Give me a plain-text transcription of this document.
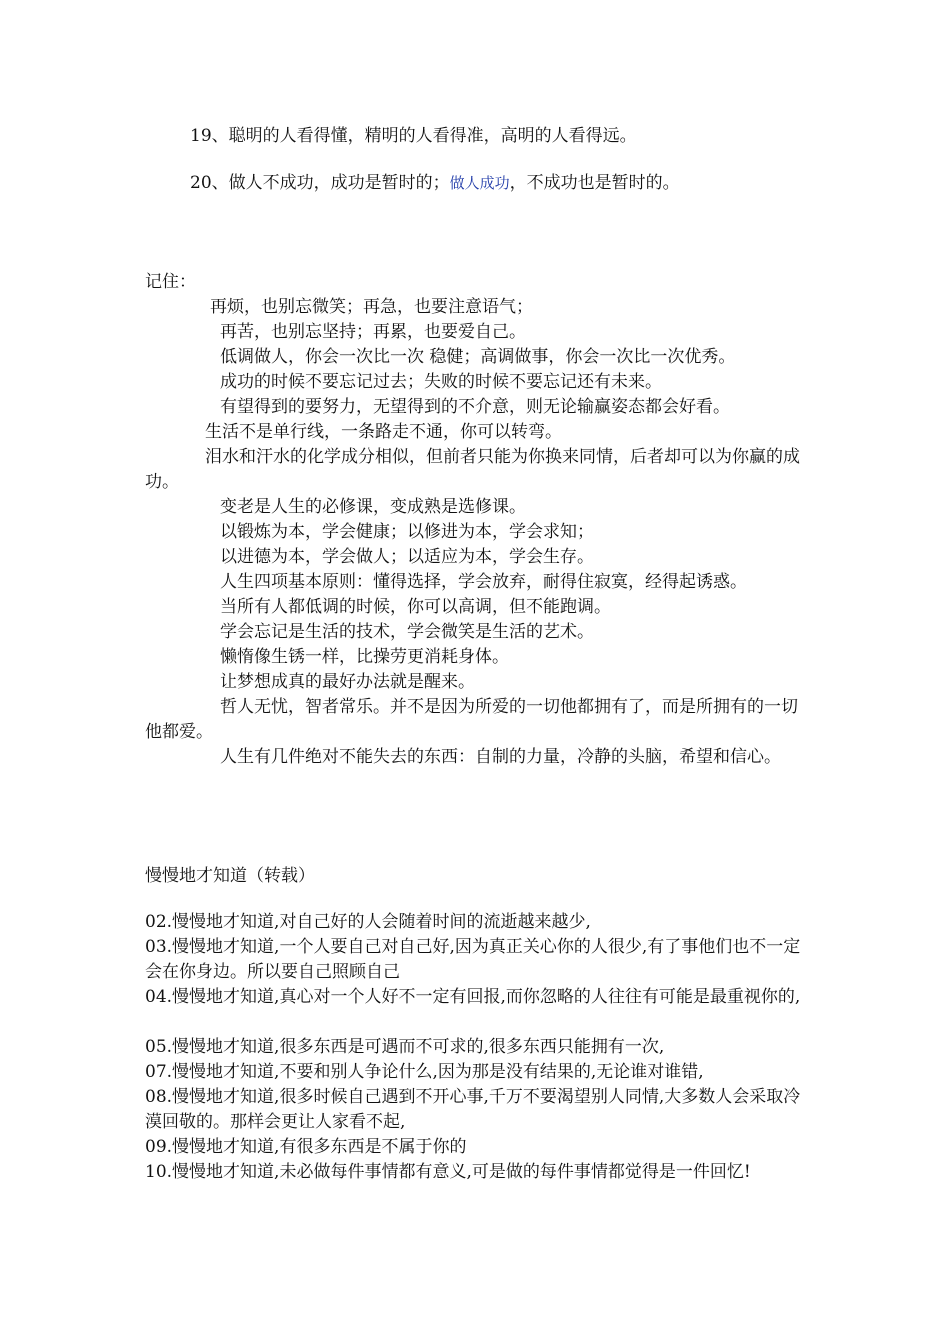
19、聪明的人看得懂，精明的人看得准，高明的人看得远。
20、做人不成功，成功是暂时的；做人成功，不成功也是暂时的。
记住：
再烦，也别忘微笑；再急，也要注意语气；
再苦，也别忘坚持；再累，也要爱自己。
低调做人，你会一次比一次 稳健；高调做事，你会一次比一次优秀。
成功的时候不要忘记过去；失败的时候不要忘记还有未来。
有望得到的要努力，无望得到的不介意，则无论输赢姿态都会好看。
生活不是单行线，一条路走不通，你可以转弯。
泪水和汗水的化学成分相似，但前者只能为你换来同情，后者却可以为你赢的成功。
变老是人生的必修课，变成熟是选修课。
以锻炼为本，学会健康；以修进为本，学会求知；
以进德为本，学会做人；以适应为本，学会生存。
人生四项基本原则：懂得选择，学会放弃，耐得住寂寞，经得起诱惑。
当所有人都低调的时候，你可以高调，但不能跑调。
学会忘记是生活的技术，学会微笑是生活的艺术。
懒惰像生锈一样，比操劳更消耗身体。
让梦想成真的最好办法就是醒来。
哲人无忧，智者常乐。并不是因为所爱的一切他都拥有了，而是所拥有的一切他都爱。
人生有几件绝对不能失去的东西：自制的力量，冷静的头脑，希望和信心。
慢慢地才知道（转载）
02.慢慢地才知道,对自己好的人会随着时间的流逝越来越少,
03.慢慢地才知道,一个人要自己对自己好,因为真正关心你的人很少,有了事他们也不一定会在你身边。所以要自己照顾自己
04.慢慢地才知道,真心对一个人好不一定有回报,而你忽略的人往往有可能是最重视你的,
05.慢慢地才知道,很多东西是可遇而不可求的,很多东西只能拥有一次,
07.慢慢地才知道,不要和别人争论什么,因为那是没有结果的,无论谁对谁错,
08.慢慢地才知道,很多时候自己遇到不开心事,千万不要渴望别人同情,大多数人会采取冷漠回敬的。那样会更让人家看不起,
09.慢慢地才知道,有很多东西是不属于你的
10.慢慢地才知道,未必做每件事情都有意义,可是做的每件事情都觉得是一件回忆!
